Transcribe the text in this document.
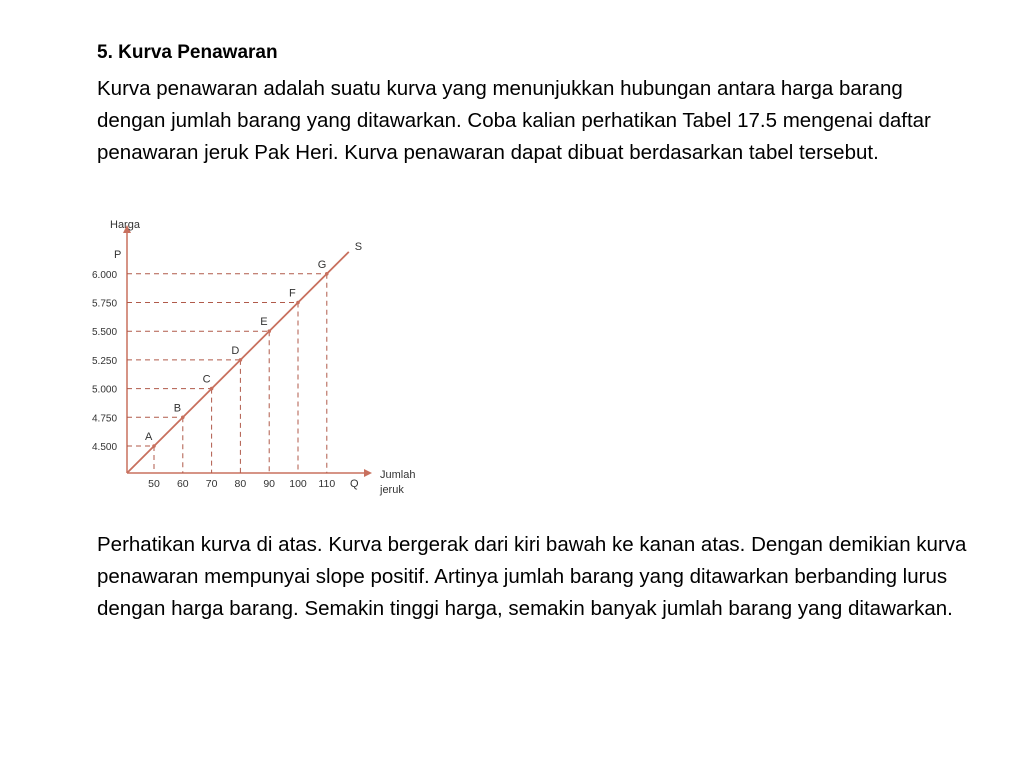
5. Kurva Penawaran

Kurva penawaran adalah suatu kurva yang menunjukkan hubungan antara harga barang dengan jumlah barang yang ditawarkan. Coba kalian perhatikan Tabel 17.5 mengenai daftar penawaran jeruk Pak Heri. Kurva penawaran dapat dibuat berdasarkan tabel tersebut.

50 60 70 80 90 100 110
4.500
4.750
5.000
5.250
5.500
5.750
6.000
Harga
P
Jumlah
jeruk
Q
S
A
B
C
D
E
F
G

Perhatikan kurva di atas. Kurva bergerak dari kiri bawah ke kanan atas. Dengan demikian kurva penawaran mempunyai slope positif. Artinya jumlah barang yang ditawarkan berbanding lurus dengan harga barang. Semakin tinggi harga, semakin banyak jumlah barang yang ditawarkan.
